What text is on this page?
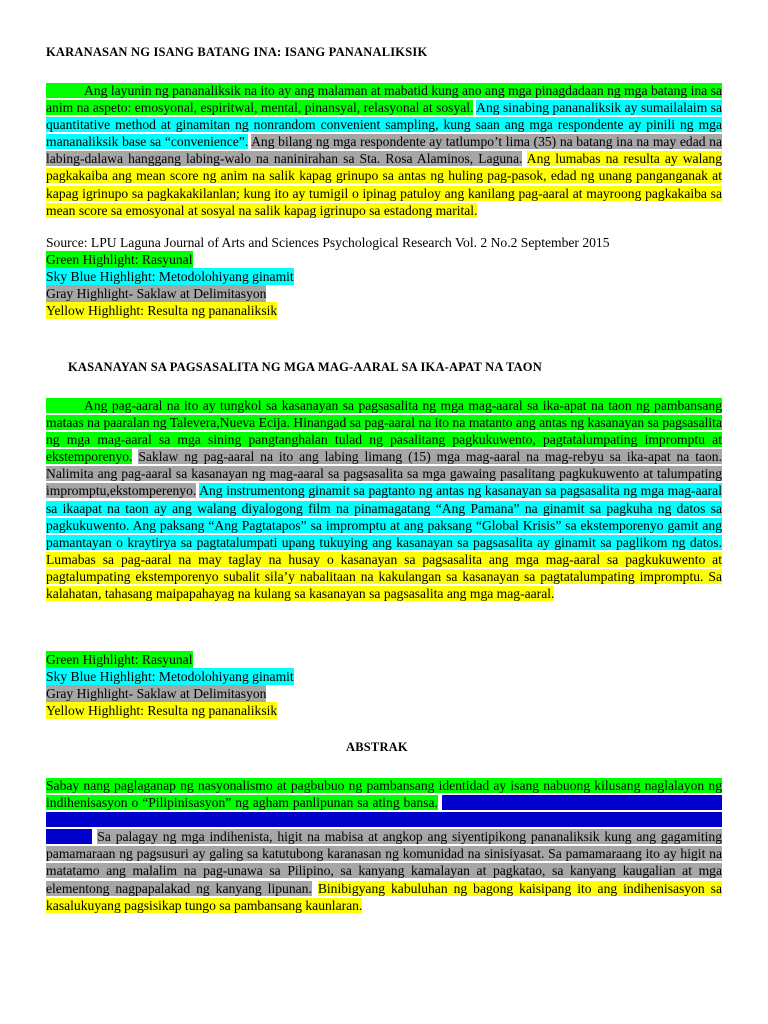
KARANASAN NG ISANG BATANG INA: ISANG PANANALIKSIK

Ang layunin ng pananaliksik na ito ay ang malaman at mabatid kung ano ang mga pinagdadaan ng mga batang ina sa anim na aspeto: emosyonal, espiritwal, mental, pinansyal, relasyonal at sosyal. Ang sinabing pananaliksik ay sumailalaim sa quantitative method at ginamitan ng nonrandom convenient sampling, kung saan ang mga respondente ay pinili ng mga mananaliksik base sa “convenience”. Ang bilang ng mga respondente ay tatlumpo’t lima (35) na batang ina na may edad na labing-dalawa hanggang labing-walo na naninirahan sa Sta. Rosa Alaminos, Laguna. Ang lumabas na resulta ay walang pagkakaiba ang mean score ng anim na salik kapag grinupo sa antas ng huling pag-pasok, edad ng unang panganganak at kapag igrinupo sa pagkakakilanlan; kung ito ay tumigil o ipinag patuloy ang kanilang pag-aaral at mayroong pagkakaiba sa mean score sa emosyonal at sosyal na salik kapag igrinupo sa estadong marital.

Source: LPU Laguna Journal of Arts and Sciences Psychological Research Vol. 2 No.2 September 2015
Green Highlight: Rasyunal
Sky Blue Highlight: Metodolohiyang ginamit
Gray Highlight- Saklaw at Delimitasyon
Yellow Highlight: Resulta ng pananaliksik
KASANAYAN SA PAGSASALITA NG MGA MAG-AARAL SA IKA-APAT NA TAON

Ang pag-aaral na ito ay tungkol sa kasanayan sa pagsasalita ng mga mag-aaral sa ika-apat na taon ng pambansang mataas na paaralan ng Talevera,Nueva Ecija. Hinangad sa pag-aaral na ito na matanto ang antas ng kasanayan sa pagsasalita ng mga mag-aaral sa mga sining pangtanghalan tulad ng pasalitang pagkukuwento, pagtatalumpating impromptu at ekstemporenyo. Saklaw ng pag-aaral na ito ang labing limang (15) mga mag-aaral na mag-rebyu sa ika-apat na taon. Nalimita ang pag-aaral sa kasanayan ng mag-aaral sa pagsasalita sa mga gawaing pasalitang pagkukuwento at talumpating impromptu,ekstomperenyo. Ang instrumentong ginamit sa pagtanto ng antas ng kasanayan sa pagsasalita ng mga mag-aaral sa ikaapat na taon ay ang walang diyalogong film na pinamagatang “Ang Pamana” na ginamit sa pagkuha ng datos sa pagkukuwento. Ang paksang “Ang Pagtatapos” sa impromptu at ang paksang “Global Krisis” sa ekstemporenyo gamit ang pamantayan o kraytirya sa pagtatalumpati upang tukuying ang kasanayan sa pagsasalita ay ginamit sa paglikom ng datos. Lumabas sa pag-aaral na may taglay na husay o kasanayan sa pagsasalita ang mga mag-aaral sa pagkukuwento at pagtalumpating ekstemporenyo subalit sila’y nabalitaan na kakulangan sa kasanayan sa pagtatalumpating impromptu. Sa kalahatan, tahasang maipapahayag na kulang sa kasanayan sa pagsasalita ang mga mag-aaral.

Green Highlight: Rasyunal
Sky Blue Highlight: Metodolohiyang ginamit
Gray Highlight- Saklaw at Delimitasyon
Yellow Highlight: Resulta ng pananaliksik
ABSTRAK

Sabay nang paglaganap ng nasyonalismo at pagbubuo ng pambansang identidad ay isang nabuong kilusang naglalayon ng indihenisasyon o “Pilipinisasyon” ng agham panlipunan sa ating bansa. Sa pananaw ng kilusang ito, ang kabuuhan ng mga mananaliksik ng lipunang Pilipino ay gumagamit ng mga konsepto at metodo na angkop sa kalikasan at kultura ng mga Pilipino. Sa palagay ng mga indihenista, higit na mabisa at angkop ang siyentipikong pananaliksik kung ang gagamiting pamamaraan ng pagsusuri ay galing sa katutubong karanasan ng komunidad na sinisiyasat. Sa pamamaraang ito ay higit na matatamo ang malalim na pag-unawa sa Pilipino, sa kanyang kamalayan at pagkatao, sa kanyang kaugalian at mga elementong nagpapalakad ng kanyang lipunan. Binibigyang kabuluhan ng bagong kaisipang ito ang indihenisasyon sa kasalukuyang pagsisikap tungo sa pambansang kaunlaran.
